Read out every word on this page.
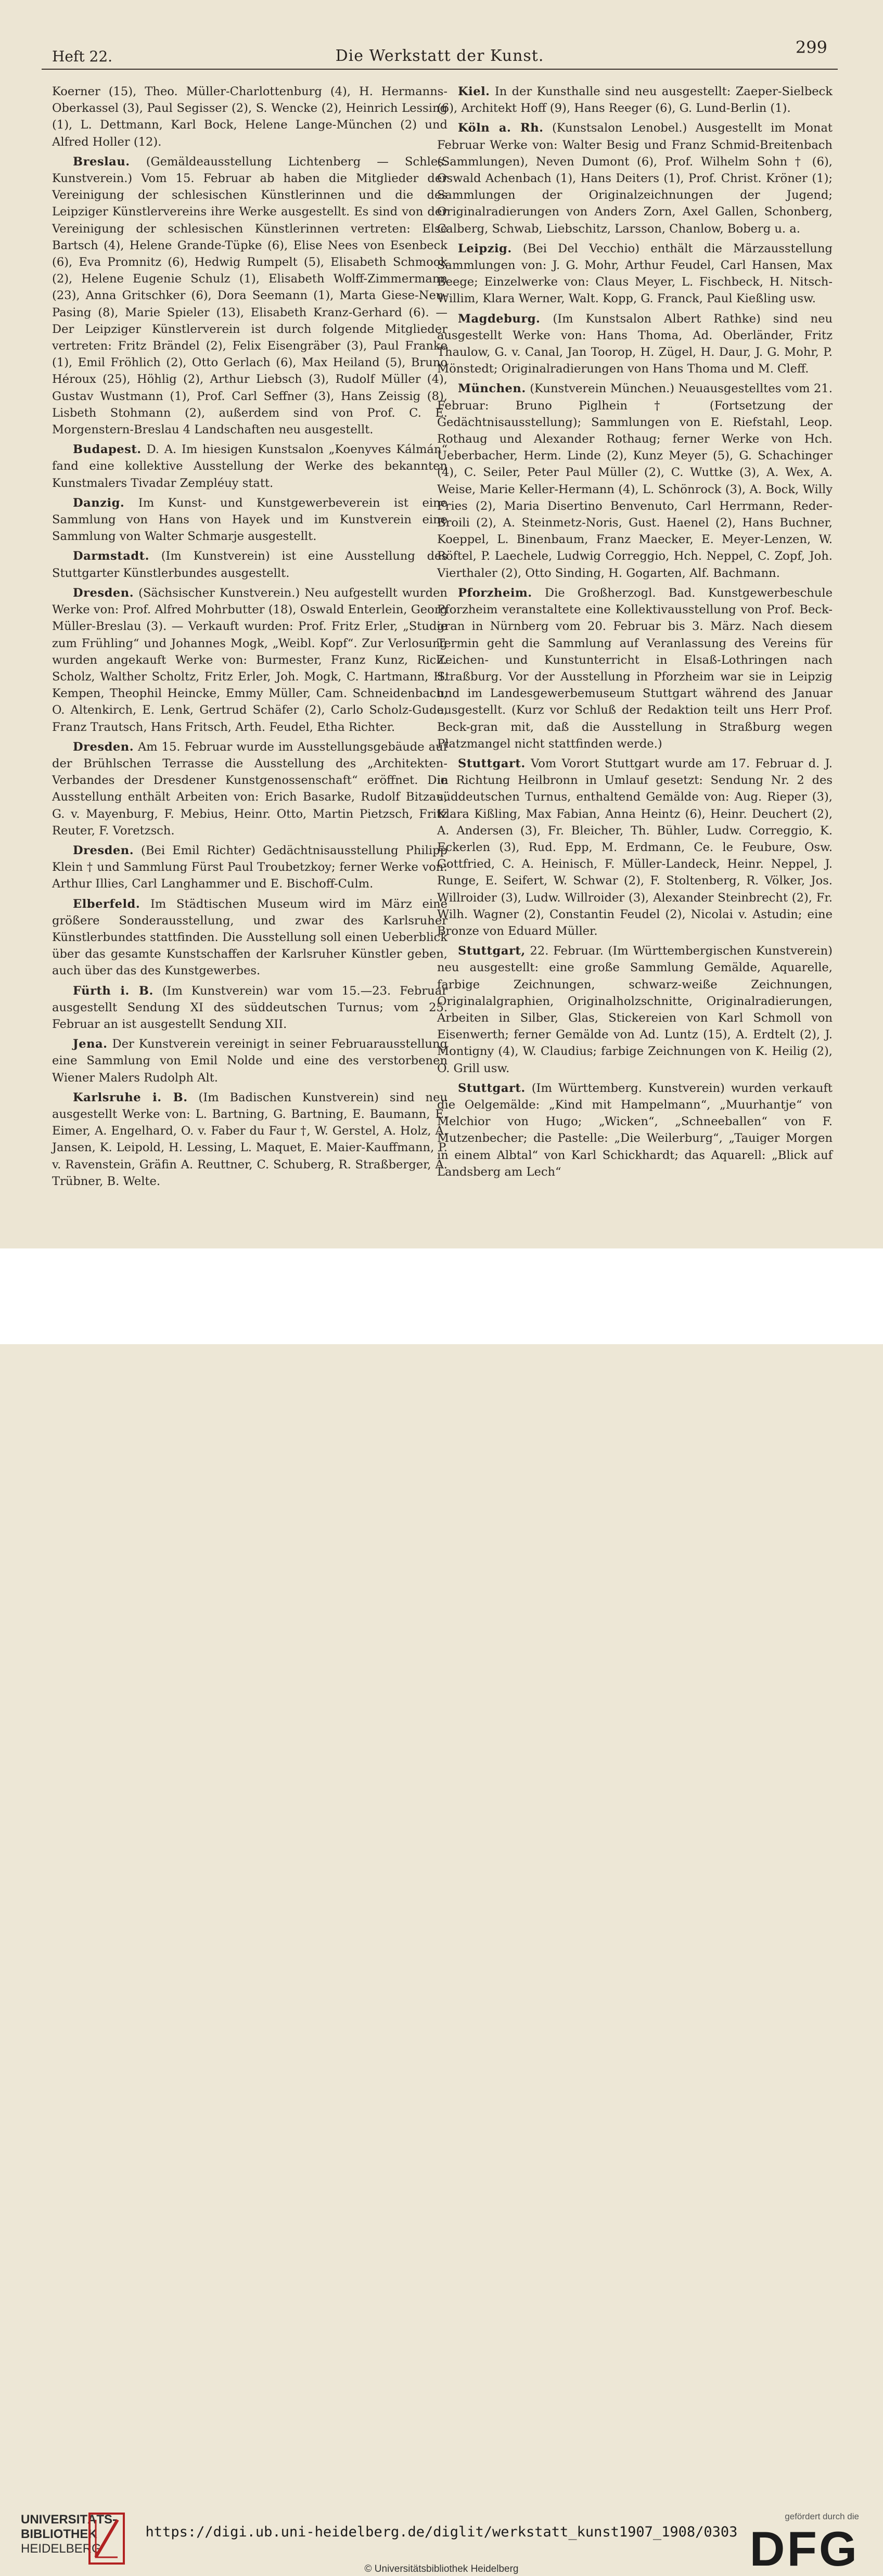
Heft 22.	Die Werkstatt der Kunst.	299

Koerner (15), Theo. Müller-Charlottenburg (4), H. Hermanns-Oberkassel (3), Paul Segisser (2), S. Wencke (2), Heinrich Lessing (1), L. Dettmann, Karl Bock, Helene Lange-München (2) und Alfred Holler (12).

Breslau. (Gemäldeausstellung Lichtenberg — Schles. Kunstverein.) Vom 15. Februar ab haben die Mitglieder der Vereinigung der schlesischen Künstlerinnen und die des Leipziger Künstlervereins ihre Werke ausgestellt. Es sind von der Vereinigung der schlesischen Künstlerinnen vertreten: Else Bartsch (4), Helene Grande-Tüpke (6), Elise Nees von Esenbeck (6), Eva Promnitz (6), Hedwig Rumpelt (5), Elisabeth Schmook (2), Helene Eugenie Schulz (1), Elisabeth Wolff-Zimmermann (23), Anna Gritschker (6), Dora Seemann (1), Marta Giese-Neu-Pasing (8), Marie Spieler (13), Elisabeth Kranz-Gerhard (6). — Der Leipziger Künstlerverein ist durch folgende Mitglieder vertreten: Fritz Brändel (2), Felix Eisengräber (3), Paul Franke (1), Emil Fröhlich (2), Otto Gerlach (6), Max Heiland (5), Bruno Héroux (25), Höhlig (2), Arthur Liebsch (3), Rudolf Müller (4), Gustav Wustmann (1), Prof. Carl Seffner (3), Hans Zeissig (8), Lisbeth Stohmann (2), außerdem sind von Prof. C. E. Morgenstern-Breslau 4 Landschaften neu ausgestellt.

Budapest. D. A. Im hiesigen Kunstsalon „Koenyves Kálmán“ fand eine kollektive Ausstellung der Werke des bekannten Kunstmalers Tivadar Zempléuy statt.

Danzig. Im Kunst- und Kunstgewerbeverein ist eine Sammlung von Hans von Hayek und im Kunstverein eine Sammlung von Walter Schmarje ausgestellt.

Darmstadt. (Im Kunstverein) ist eine Ausstellung des Stuttgarter Künstlerbundes ausgestellt.

Dresden. (Sächsischer Kunstverein.) Neu aufgestellt wurden Werke von: Prof. Alfred Mohrbutter (18), Oswald Enterlein, Georg Müller-Breslau (3). — Verkauft wurden: Prof. Fritz Erler, „Studie zum Frühling“ und Johannes Mogk, „Weibl. Kopf“. Zur Verlosung wurden angekauft Werke von: Burmester, Franz Kunz, Rich. Scholz, Walther Scholtz, Fritz Erler, Joh. Mogk, C. Hartmann, H. Kempen, Theophil Heincke, Emmy Müller, Cam. Schneidenbach, O. Altenkirch, E. Lenk, Gertrud Schäfer (2), Carlo Scholz-Gude, Franz Trautsch, Hans Fritsch, Arth. Feudel, Etha Richter.

Dresden. Am 15. Februar wurde im Ausstellungsgebäude auf der Brühlschen Terrasse die Ausstellung des „Architekten-Verbandes der Dresdener Kunstgenossenschaft“ eröffnet. Die Ausstellung enthält Arbeiten von: Erich Basarke, Rudolf Bitzau, G. v. Mayenburg, F. Mebius, Heinr. Otto, Martin Pietzsch, Fritz Reuter, F. Voretzsch.

Dresden. (Bei Emil Richter) Gedächtnisausstellung Philipp Klein † und Sammlung Fürst Paul Troubetzkoy; ferner Werke von: Arthur Illies, Carl Langhammer und E. Bischoff-Culm.

Elberfeld. Im Städtischen Museum wird im März eine größere Sonderausstellung, und zwar des Karlsruher Künstlerbundes stattfinden. Die Ausstellung soll einen Ueberblick über das gesamte Kunstschaffen der Karlsruher Künstler geben, auch über das des Kunstgewerbes.

Fürth i. B. (Im Kunstverein) war vom 15.—23. Februar ausgestellt Sendung XI des süddeutschen Turnus; vom 25. Februar an ist ausgestellt Sendung XII.

Jena. Der Kunstverein vereinigt in seiner Februarausstellung eine Sammlung von Emil Nolde und eine des verstorbenen Wiener Malers Rudolph Alt.

Karlsruhe i. B. (Im Badischen Kunstverein) sind neu ausgestellt Werke von: L. Bartning, G. Bartning, E. Baumann, E. Eimer, A. Engelhard, O. v. Faber du Faur †, W. Gerstel, A. Holz, A. Jansen, K. Leipold, H. Lessing, L. Maquet, E. Maier-Kauffmann, P. v. Ravenstein, Gräfin A. Reuttner, C. Schuberg, R. Straßberger, A. Trübner, B. Welte.

Kiel. In der Kunsthalle sind neu ausgestellt: Zaeper-Sielbeck (6), Architekt Hoff (9), Hans Reeger (6), G. Lund-Berlin (1).

Köln a. Rh. (Kunstsalon Lenobel.) Ausgestellt im Monat Februar Werke von: Walter Besig und Franz Schmid-Breitenbach (Sammlungen), Neven Dumont (6), Prof. Wilhelm Sohn † (6), Oswald Achenbach (1), Hans Deiters (1), Prof. Christ. Kröner (1); Sammlungen der Originalzeichnungen der Jugend; Originalradierungen von Anders Zorn, Axel Gallen, Schonberg, Calberg, Schwab, Liebschitz, Larsson, Chanlow, Boberg u. a.

Leipzig. (Bei Del Vecchio) enthält die Märzausstellung Sammlungen von: J. G. Mohr, Arthur Feudel, Carl Hansen, Max Beege; Einzelwerke von: Claus Meyer, L. Fischbeck, H. Nitsch-Willim, Klara Werner, Walt. Kopp, G. Franck, Paul Kießling usw.

Magdeburg. (Im Kunstsalon Albert Rathke) sind neu ausgestellt Werke von: Hans Thoma, Ad. Oberländer, Fritz Thaulow, G. v. Canal, Jan Toorop, H. Zügel, H. Daur, J. G. Mohr, P. Mönstedt; Originalradierungen von Hans Thoma und M. Cleff.

München. (Kunstverein München.) Neuausgestelltes vom 21. Februar: Bruno Piglhein † (Fortsetzung der Gedächtnisausstellung); Sammlungen von E. Riefstahl, Leop. Rothaug und Alexander Rothaug; ferner Werke von Hch. Ueberbacher, Herm. Linde (2), Kunz Meyer (5), G. Schachinger (4), C. Seiler, Peter Paul Müller (2), C. Wuttke (3), A. Wex, A. Weise, Marie Keller-Hermann (4), L. Schönrock (3), A. Bock, Willy Fries (2), Maria Disertino Benvenuto, Carl Herrmann, Reder-Broili (2), A. Steinmetz-Noris, Gust. Haenel (2), Hans Buchner, Koeppel, L. Binenbaum, Franz Maecker, E. Meyer-Lenzen, W. Röftel, P. Laechele, Ludwig Correggio, Hch. Neppel, C. Zopf, Joh. Vierthaler (2), Otto Sinding, H. Gogarten, Alf. Bachmann.

Pforzheim. Die Großherzogl. Bad. Kunstgewerbeschule Pforzheim veranstaltete eine Kollektivausstellung von Prof. Beck-gran in Nürnberg vom 20. Februar bis 3. März. Nach diesem Termin geht die Sammlung auf Veranlassung des Vereins für Zeichen- und Kunstunterricht in Elsaß-Lothringen nach Straßburg. Vor der Ausstellung in Pforzheim war sie in Leipzig und im Landesgewerbemuseum Stuttgart während des Januar ausgestellt. (Kurz vor Schluß der Redaktion teilt uns Herr Prof. Beck-gran mit, daß die Ausstellung in Straßburg wegen Platzmangel nicht stattfinden werde.)

Stuttgart. Vom Vorort Stuttgart wurde am 17. Februar d. J. in Richtung Heilbronn in Umlauf gesetzt: Sendung Nr. 2 des süddeutschen Turnus, enthaltend Gemälde von: Aug. Rieper (3), Klara Kißling, Max Fabian, Anna Heintz (6), Heinr. Deuchert (2), A. Andersen (3), Fr. Bleicher, Th. Bühler, Ludw. Correggio, K. Eckerlen (3), Rud. Epp, M. Erdmann, Ce. le Feubure, Osw. Gottfried, C. A. Heinisch, F. Müller-Landeck, Heinr. Neppel, J. Runge, E. Seifert, W. Schwar (2), F. Stoltenberg, R. Völker, Jos. Willroider (3), Ludw. Willroider (3), Alexander Steinbrecht (2), Fr. Wilh. Wagner (2), Constantin Feudel (2), Nicolai v. Astudin; eine Bronze von Eduard Müller.

Stuttgart, 22. Februar. (Im Württembergischen Kunstverein) neu ausgestellt: eine große Sammlung Gemälde, Aquarelle, farbige Zeichnungen, schwarz-weiße Zeichnungen, Originalalgraphien, Originalholzschnitte, Originalradierungen, Arbeiten in Silber, Glas, Stickereien von Karl Schmoll von Eisenwerth; ferner Gemälde von Ad. Luntz (15), A. Erdtelt (2), J. Montigny (4), W. Claudius; farbige Zeichnungen von K. Heilig (2), O. Grill usw.

Stuttgart. (Im Württemberg. Kunstverein) wurden verkauft die Oelgemälde: „Kind mit Hampelmann“, „Muurhantje“ von Melchior von Hugo; „Wicken“, „Schneeballen“ von F. Mutzenbecher; die Pastelle: „Die Weilerburg“, „Tauiger Morgen in einem Albtal“ von Karl Schickhardt; das Aquarell: „Blick auf Landsberg am Lech“

UNIVERSITÄTS-
BIBLIOTHEK
HEIDELBERG
https://digi.ub.uni-heidelberg.de/diglit/werkstatt_kunst1907_1908/0303
© Universitätsbibliothek Heidelberg
gefördert durch die
DFG
